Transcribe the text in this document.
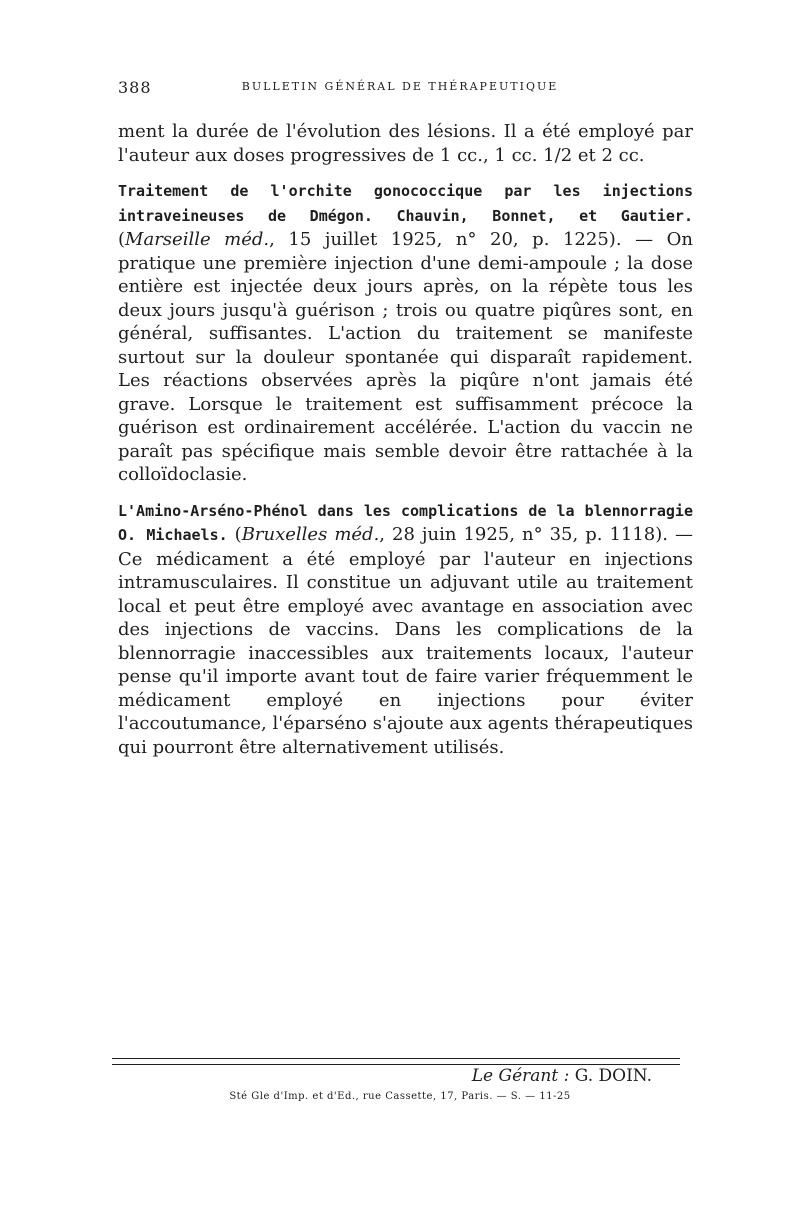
388	BULLETIN GÉNÉRAL DE THÉRAPEUTIQUE

ment la durée de l'évolution des lésions. Il a été employé par l'auteur aux doses progressives de 1 cc., 1 cc. 1/2 et 2 cc.

Traitement de l'orchite gonococcique par les injections intraveineuses de Dmégon. Chauvin, Bonnet, et Gautier. (Marseille méd., 15 juillet 1925, n° 20, p. 1225). — On pratique une première injection d'une demi-ampoule ; la dose entière est injectée deux jours après, on la répète tous les deux jours jusqu'à guérison ; trois ou quatre piqûres sont, en général, suffisantes. L'action du traitement se manifeste surtout sur la douleur spontanée qui disparaît rapidement. Les réactions observées après la piqûre n'ont jamais été grave. Lorsque le traitement est suffisamment précoce la guérison est ordinairement accélérée. L'action du vaccin ne paraît pas spécifique mais semble devoir être rattachée à la colloïdoclasie.

L'Amino-Arséno-Phénol dans les complications de la blennorragie O. Michaels. (Bruxelles méd., 28 juin 1925, n° 35, p. 1118). — Ce médicament a été employé par l'auteur en injections intramusculaires. Il constitue un adjuvant utile au traitement local et peut être employé avec avantage en association avec des injections de vaccins. Dans les complications de la blennorragie inaccessibles aux traitements locaux, l'auteur pense qu'il importe avant tout de faire varier fréquemment le médicament employé en injections pour éviter l'accoutumance, l'éparséno s'ajoute aux agents thérapeutiques qui pourront être alternativement utilisés.

Le Gérant : G. DOIN.
Sté Gle d'Imp. et d'Ed., rue Cassette, 17, Paris. — S. — 11-25
